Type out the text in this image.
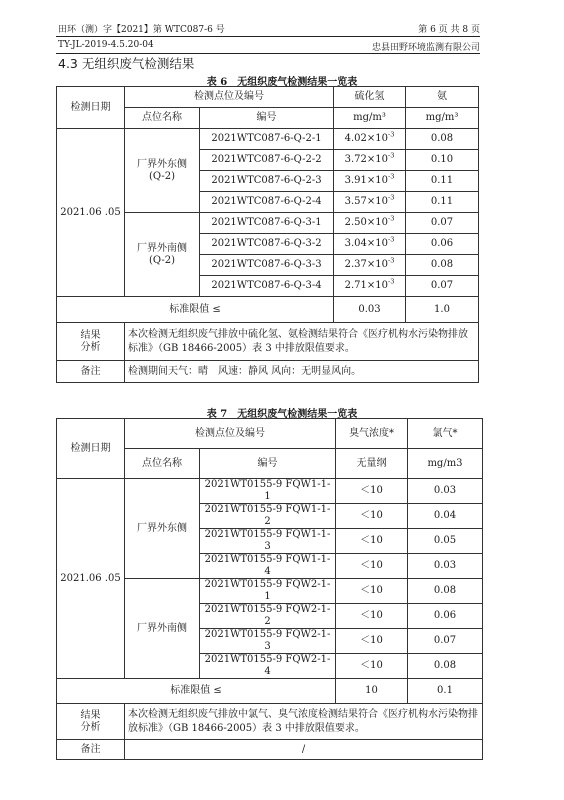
田环（测）字【2021】第 WTC087-6 号	第 6 页 共 8 页
TY-JL-2019-4.5.20-04	忠县田野环境监测有限公司
4.3 无组织废气检测结果
表 6　无组织废气检测结果一览表
检测日期	检测点位及编号		硫化氢	氨
	点位名称	编号	mg/m³	mg/m³
2021.06 .05	厂界外东侧
(Q-2)	2021WTC087-6-Q-2-1	$4.02\times 10^{-3}$	0.08
		2021WTC087-6-Q-2-2	$3.72\times 10^{-3}$	0.10
		2021WTC087-6-Q-2-3	$3.91\times 10^{-3}$	0.11
		2021WTC087-6-Q-2-4	$3.57\times 10^{-3}$	0.11
	厂界外南侧
(Q-2)	2021WTC087-6-Q-3-1	$2.50\times 10^{-3}$	0.07
		2021WTC087-6-Q-3-2	$3.04\times 10^{-3}$	0.06
		2021WTC087-6-Q-3-3	$2.37\times 10^{-3}$	0.08
		2021WTC087-6-Q-3-4	$2.71\times 10^{-3}$	0.07
标准限值 ≤			0.03	1.0
结果
分析	本次检测无组织废气排放中硫化氢、氨检测结果符合《医疗机构水污染物排放标准》（GB 18466-2005）表 3 中排放限值要求。			
备注	检测期间天气：晴　风速：静风 风向：无明显风向。			
表 7　无组织废气检测结果一览表
检测日期	检测点位及编号		臭气浓度*	氯气*
	点位名称	编号	无量纲	mg/m3
2021.06 .05	厂界外东侧	2021WT0155-9 FQW1-1-1	＜10	0.03
		2021WT0155-9 FQW1-1-2	＜10	0.04
		2021WT0155-9 FQW1-1-3	＜10	0.05
		2021WT0155-9 FQW1-1-4	＜10	0.03
	厂界外南侧	2021WT0155-9 FQW2-1-1	＜10	0.08
		2021WT0155-9 FQW2-1-2	＜10	0.06
		2021WT0155-9 FQW2-1-3	＜10	0.07
		2021WT0155-9 FQW2-1-4	＜10	0.08
标准限值 ≤			10	0.1
结果
分析	本次检测无组织废气排放中氯气、臭气浓度检测结果符合《医疗机构水污染物排放标准》（GB 18466-2005）表 3 中排放限值要求。			
备注	/			
